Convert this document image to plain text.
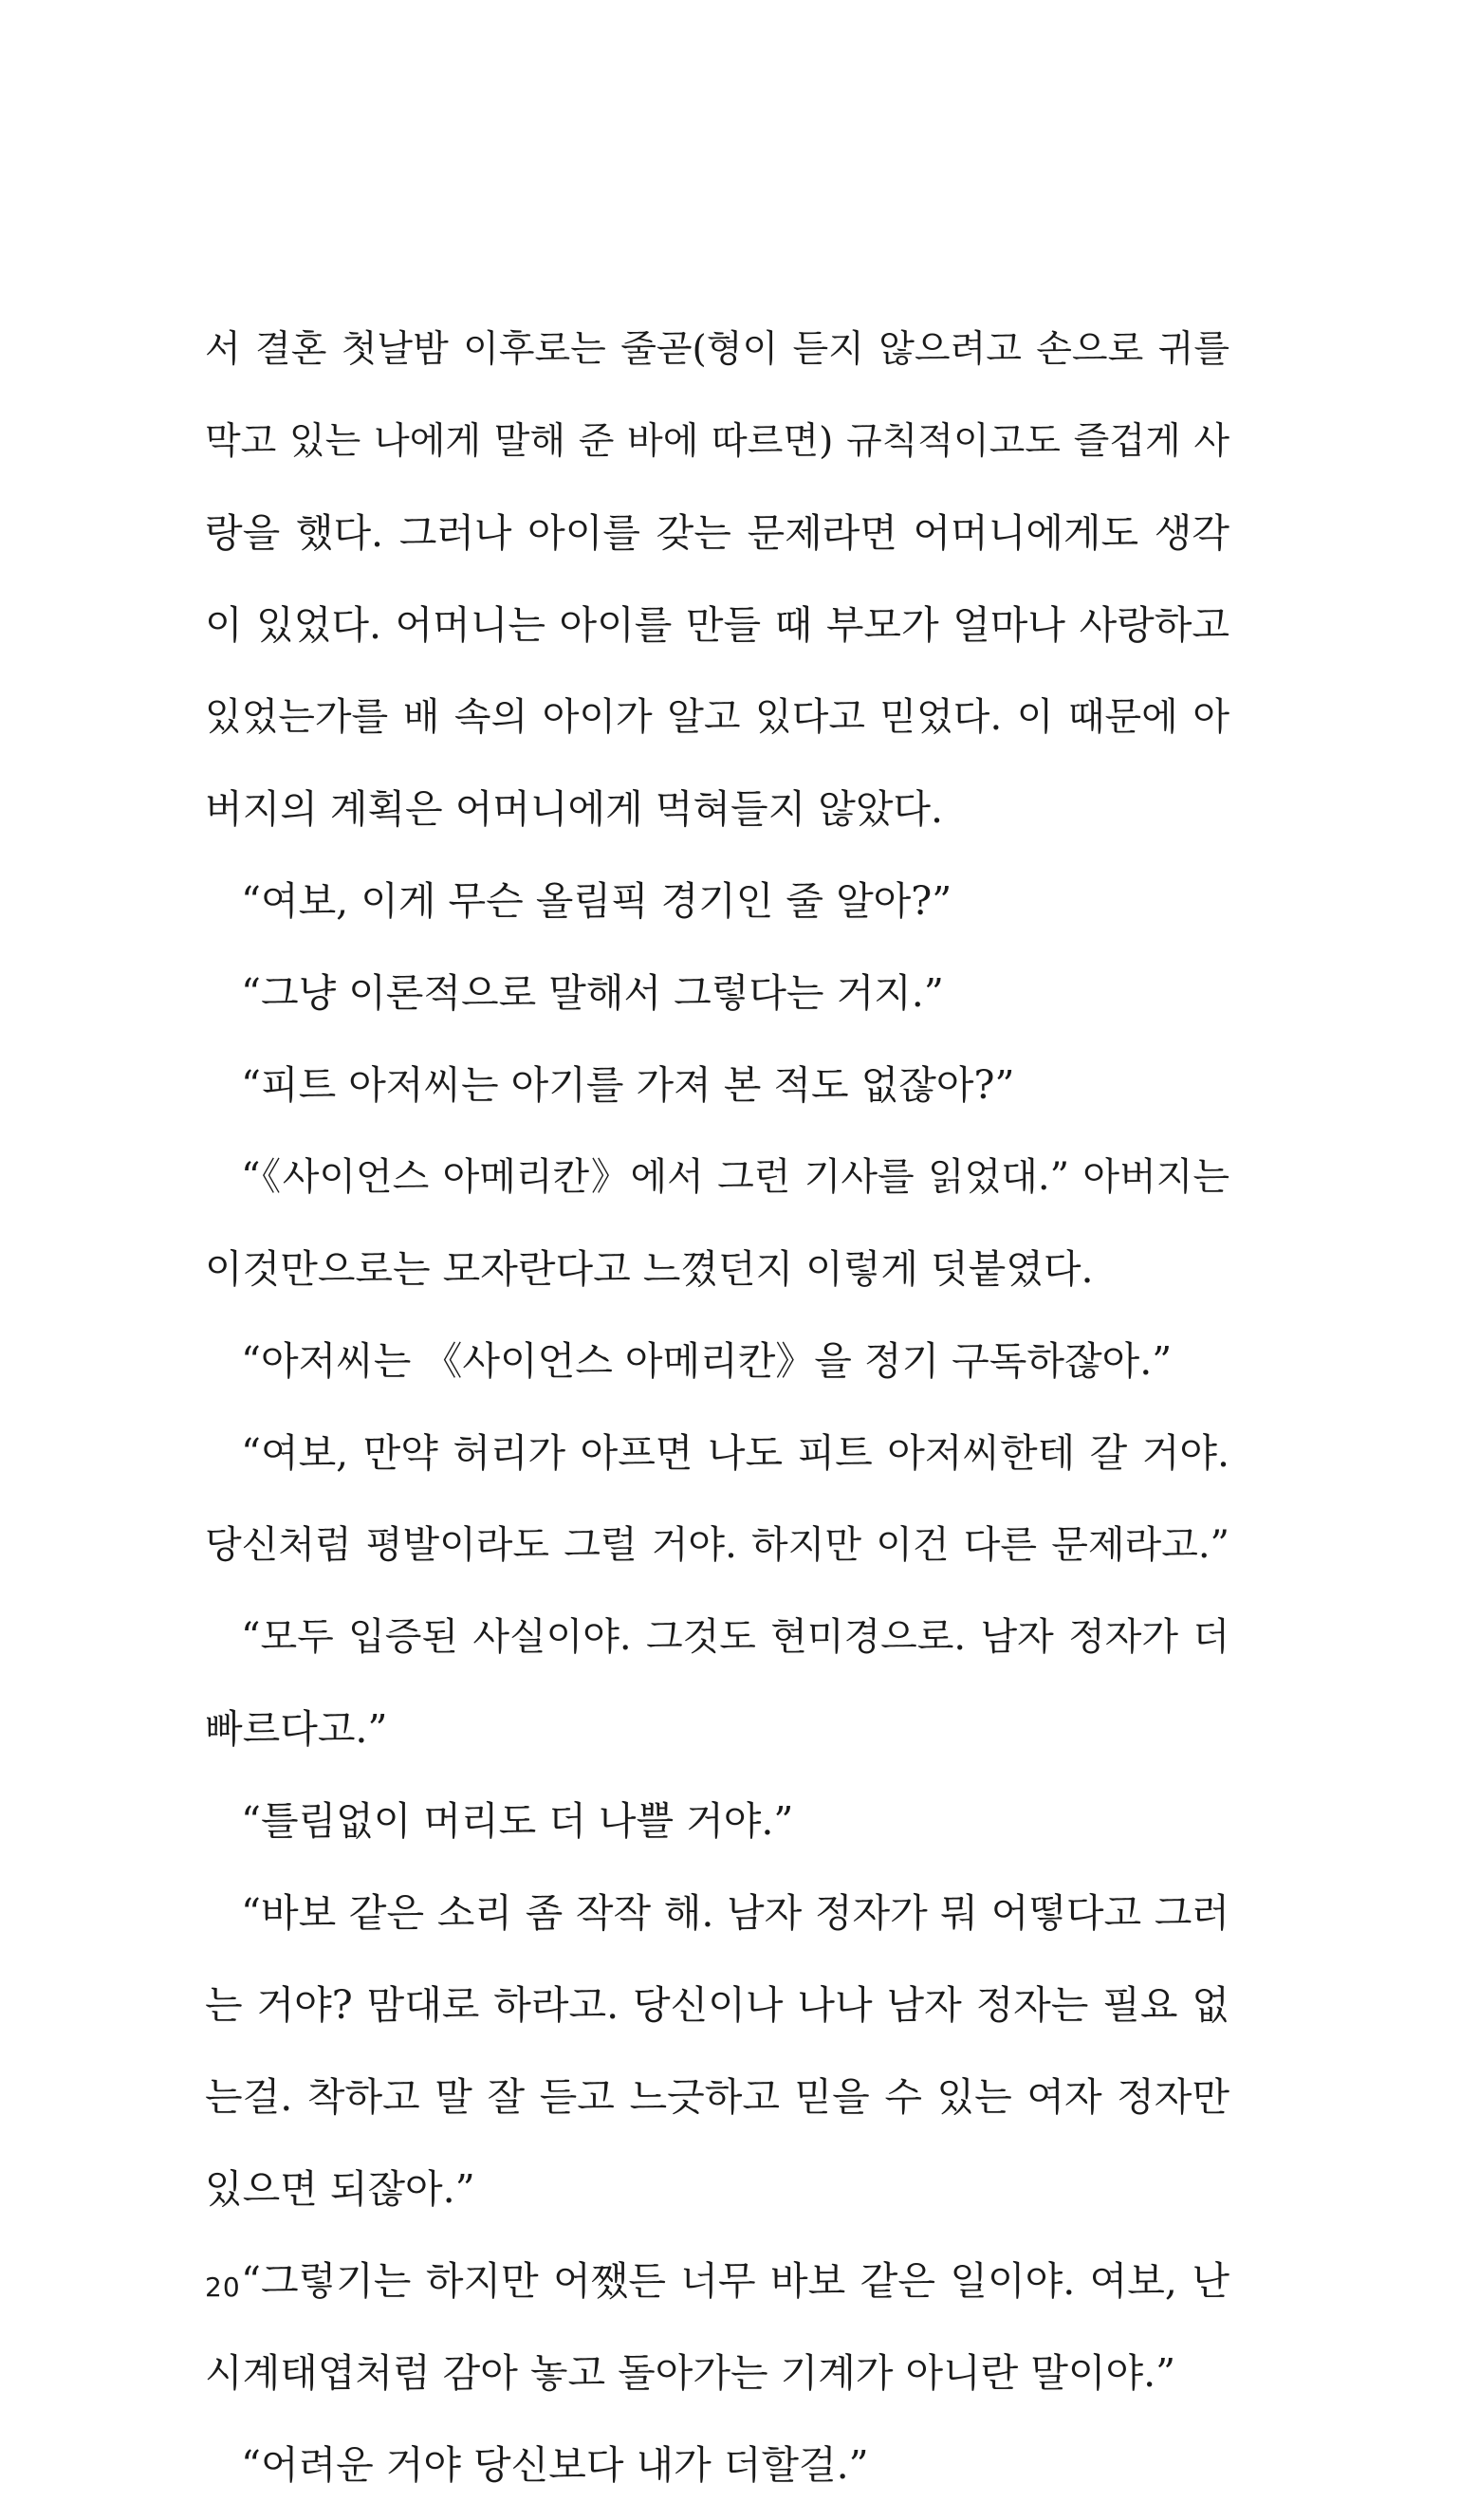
서 결혼 첫날밤 이후로는 줄곧(형이 듣지 않으려고 손으로 귀를
막고 있는 나에게 말해 준 바에 따르면) 규칙적이고도 즐겁게 사
랑을 했다. 그러나 아이를 갖는 문제라면 어머니에게도 생각
이 있었다. 어머니는 아이를 만들 때 부모가 얼마나 사랑하고
있었는가를 배 속의 아이가 알고 있다고 믿었다. 이 때문에 아
버지의 계획은 어머니에게 먹혀들지 않았다.
“여보, 이게 무슨 올림픽 경기인 줄 알아?”
“그냥 이론적으로 말해서 그렇다는 거지.”
“피트 아저씨는 아기를 가져 본 적도 없잖아?”
“《사이언스 아메리칸》에서 그런 기사를 읽었대.” 아버지는
이것만으로는 모자란다고 느꼈던지 이렇게 덧붙였다.
“아저씨는 《사이언스 아메리칸》을 정기 구독하잖아.”
“여보, 만약 허리가 아프면 나도 피트 아저씨한테 갈 거야.
당신처럼 평발이라도 그럴 거야. 하지만 이건 다른 문제라고.”
“모두 입증된 사실이야. 그것도 현미경으로. 남자 정자가 더
빠르다고.”
“틀림없이 머리도 더 나쁠 거야.”
“바보 같은 소리 좀 작작 해. 남자 정자가 뭐 어떻다고 그러
는 거야? 맘대로 하라고. 당신이나 나나 남자 정자는 필요 없
는걸. 착하고 말 잘 듣고 느긋하고 믿을 수 있는 여자 정자만
있으면 되잖아.”
“그렇기는 하지만 어쨌든 너무 바보 같은 일이야. 여보, 난
시계태엽처럼 감아 놓고 돌아가는 기계가 아니란 말이야.”
“어려운 거야 당신보다 내가 더할걸.”
20
